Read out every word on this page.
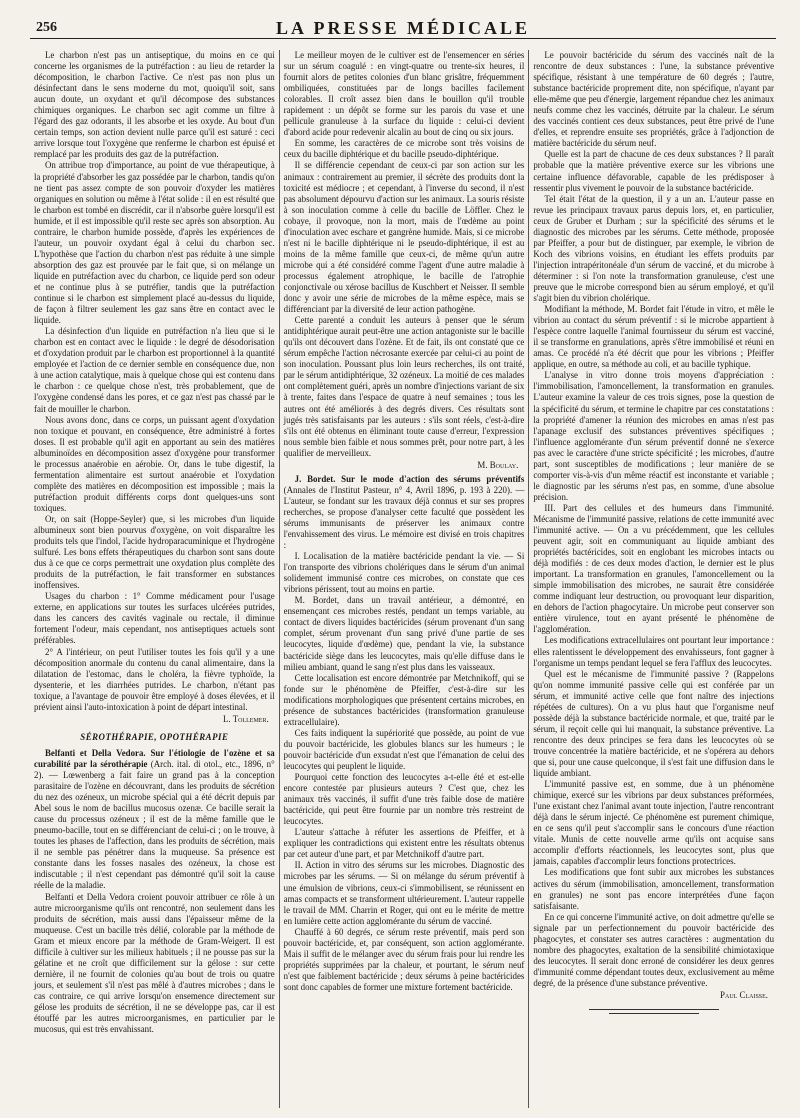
256	LA PRESSE MÉDICALE

Le charbon n'est pas un antiseptique, du moins en ce qui concerne les organismes de la putréfaction : au lieu de retarder la décomposition, le charbon l'active. Ce n'est pas non plus un désinfectant dans le sens moderne du mot, quoiqu'il soit, sans aucun doute, un oxydant et qu'il décompose des substances chimiques organiques. Le charbon sec agit comme un filtre à l'égard des gaz odorants, il les absorbe et les oxyde. Au bout d'un certain temps, son action devient nulle parce qu'il est saturé : ceci arrive lorsque tout l'oxygène que renferme le charbon est épuisé et remplacé par les produits des gaz de la putréfaction.

On attribue trop d'importance, au point de vue thérapeutique, à la propriété d'absorber les gaz possédée par le charbon, tandis qu'on ne tient pas assez compte de son pouvoir d'oxyder les matières organiques en solution ou même à l'état solide : il en est résulté que le charbon est tombé en discrédit, car il n'absorbe guère lorsqu'il est humide, et il est impossible qu'il reste sec après son absorption. Au contraire, le charbon humide possède, d'après les expériences de l'auteur, un pouvoir oxydant égal à celui du charbon sec. L'hypothèse que l'action du charbon n'est pas réduite à une simple absorption des gaz est prouvée par le fait que, si on mélange un liquide en putréfaction avec du charbon, ce liquide perd son odeur et ne continue plus à se putréfier, tandis que la putréfaction continue si le charbon est simplement placé au-dessus du liquide, de façon à filtrer seulement les gaz sans être en contact avec le liquide.

La désinfection d'un liquide en putréfaction n'a lieu que si le charbon est en contact avec le liquide : le degré de désodorisation et d'oxydation produit par le charbon est proportionnel à la quantité employée et l'action de ce dernier semble en conséquence due, non à une action catalytique, mais à quelque chose qui est contenu dans le charbon : ce quelque chose n'est, très probablement, que de l'oxygène condensé dans les pores, et ce gaz n'est pas chassé par le fait de mouiller le charbon.

Nous avons donc, dans ce corps, un puissant agent d'oxydation non toxique et pouvant, en conséquence, être administré à fortes doses. Il est probable qu'il agit en apportant au sein des matières albuminoïdes en décomposition assez d'oxygène pour transformer le processus anaérobie en aérobie. Or, dans le tube digestif, la fermentation alimentaire est surtout anaérobie et l'oxydation complète des matières en décomposition est impossible ; mais la putréfaction produit différents corps dont quelques-uns sont toxiques.

Or, on sait (Hoppe-Seyler) que, si les microbes d'un liquide albumineux sont bien pourvus d'oxygène, on voit disparaître les produits tels que l'indol, l'acide hydroparacuminique et l'hydrogène sulfuré. Les bons effets thérapeutiques du charbon sont sans doute dus à ce que ce corps permettrait une oxydation plus complète des produits de la putréfaction, le fait transformer en substances inoffensives.

Usages du charbon : 1° Comme médicament pour l'usage externe, en applications sur toutes les surfaces ulcérées putrides, dans les cancers des cavités vaginale ou rectale, il diminue fortement l'odeur, mais cependant, nos antiseptiques actuels sont préférables.

2° A l'intérieur, on peut l'utiliser toutes les fois qu'il y a une décomposition anormale du contenu du canal alimentaire, dans la dilatation de l'estomac, dans le choléra, la fièvre typhoïde, la dysenterie, et les diarrhées putrides. Le charbon, n'étant pas toxique, a l'avantage de pouvoir être employé à doses élevées, et il prévient ainsi l'auto-intoxication à point de départ intestinal.

L. Tollemer.
SÉROTHÉRAPIE, OPOTHÉRAPIE

Belfanti et Della Vedora. Sur l'étiologie de l'ozène et sa curabilité par la sérothérapie (Arch. ital. di otol., etc., 1896, n° 2). — Lœwenberg a fait faire un grand pas à la conception parasitaire de l'ozène en découvrant, dans les produits de sécrétion du nez des ozéneux, un microbe spécial qui a été décrit depuis par Abel sous le nom de bacillus mucosus ozenæ. Ce bacille serait la cause du processus ozéneux ; il est de la même famille que le pneumo-bacille, tout en se différenciant de celui-ci ; on le trouve, à toutes les phases de l'affection, dans les produits de sécrétion, mais il ne semble pas pénétrer dans la muqueuse. Sa présence est constante dans les fosses nasales des ozéneux, la chose est indiscutable ; il n'est cependant pas démontré qu'il soit la cause réelle de la maladie.

Belfanti et Della Vedora croient pouvoir attribuer ce rôle à un autre microorganisme qu'ils ont rencontré, non seulement dans les produits de sécrétion, mais aussi dans l'épaisseur même de la muqueuse. C'est un bacille très délié, colorable par la méthode de Gram et mieux encore par la méthode de Gram-Weigert. Il est difficile à cultiver sur les milieux habituels ; il ne pousse pas sur la gélatine et ne croît que difficilement sur la gélose : sur cette dernière, il ne fournit de colonies qu'au bout de trois ou quatre jours, et seulement s'il n'est pas mêlé à d'autres microbes ; dans le cas contraire, ce qui arrive lorsqu'on ensemence directement sur gélose les produits de sécrétion, il ne se développe pas, car il est étouffé par les autres microorganismes, en particulier par le mucosus, qui est très envahissant.

Le meilleur moyen de le cultiver est de l'ensemencer en séries sur un sérum coagulé : en vingt-quatre ou trente-six heures, il fournit alors de petites colonies d'un blanc grisâtre, fréquemment ombiliquées, constituées par de longs bacilles facilement colorables. Il croît assez bien dans le bouillon qu'il trouble rapidement : un dépôt se forme sur les parois du vase et une pellicule granuleuse à la surface du liquide : celui-ci devient d'abord acide pour redevenir alcalin au bout de cinq ou six jours.

En somme, les caractères de ce microbe sont très voisins de ceux du bacille diphtérique et du bacille pseudo-diphtérique.

Il se différencie cependant de ceux-ci par son action sur les animaux : contrairement au premier, il sécrète des produits dont la toxicité est médiocre ; et cependant, à l'inverse du second, il n'est pas absolument dépourvu d'action sur les animaux. La souris résiste à son inoculation comme à celle du bacille de Löffler. Chez le cobaye, il provoque, non la mort, mais de l'œdème au point d'inoculation avec eschare et gangrène humide. Mais, si ce microbe n'est ni le bacille diphtérique ni le pseudo-diphtérique, il est au moins de la même famille que ceux-ci, de même qu'un autre microbe qui a été considéré comme l'agent d'une autre maladie à processus également atrophique, le bacille de l'atrophie conjonctivale ou xérose bacillus de Kuschbert et Neisser. Il semble donc y avoir une série de microbes de la même espèce, mais se différenciant par la diversité de leur action pathogène.

Cette parenté a conduit les auteurs à penser que le sérum antidiphtérique aurait peut-être une action antagoniste sur le bacille qu'ils ont découvert dans l'ozène. Et de fait, ils ont constaté que ce sérum empêche l'action nécrosante exercée par celui-ci au point de son inoculation. Poussant plus loin leurs recherches, ils ont traité, par le sérum antidiphtérique, 32 ozéneux. La moitié de ces malades ont complètement guéri, après un nombre d'injections variant de six à trente, faites dans l'espace de quatre à neuf semaines ; tous les autres ont été améliorés à des degrés divers. Ces résultats sont jugés très satisfaisants par les auteurs : s'ils sont réels, c'est-à-dire s'ils ont été obtenus en éliminant toute cause d'erreur, l'expression nous semble bien faible et nous sommes prêt, pour notre part, à les qualifier de merveilleux.

M. Boulay.

J. Bordet. Sur le mode d'action des sérums préventifs (Annales de l'Institut Pasteur, n° 4, Avril 1896, p. 193 à 220). — L'auteur, se fondant sur les travaux déjà connus et sur ses propres recherches, se propose d'analyser cette faculté que possèdent les sérums immunisants de préserver les animaux contre l'envahissement des virus. Le mémoire est divisé en trois chapitres :

I. Localisation de la matière bactéricide pendant la vie. — Si l'on transporte des vibrions cholériques dans le sérum d'un animal solidement immunisé contre ces microbes, on constate que ces vibrions périssent, tout au moins en partie.

M. Bordet, dans un travail antérieur, a démontré, en ensemençant ces microbes restés, pendant un temps variable, au contact de divers liquides bactéricides (sérum provenant d'un sang complet, sérum provenant d'un sang privé d'une partie de ses leucocytes, liquide d'œdème) que, pendant la vie, la substance bactéricide siège dans les leucocytes, mais qu'elle diffuse dans le milieu ambiant, quand le sang n'est plus dans les vaisseaux.

Cette localisation est encore démontrée par Metchnikoff, qui se fonde sur le phénomène de Pfeiffer, c'est-à-dire sur les modifications morphologiques que présentent certains microbes, en présence de substances bactéricides (transformation granuleuse extracellulaire).

Ces faits indiquent la supériorité que possède, au point de vue du pouvoir bactéricide, les globules blancs sur les humeurs ; le pouvoir bactéricide d'un exsudat n'est que l'émanation de celui des leucocytes qui peuplent le liquide.

Pourquoi cette fonction des leucocytes a-t-elle été et est-elle encore contestée par plusieurs auteurs ? C'est que, chez les animaux très vaccinés, il suffit d'une très faible dose de matière bactéricide, qui peut être fournie par un nombre très restreint de leucocytes.

L'auteur s'attache à réfuter les assertions de Pfeiffer, et à expliquer les contradictions qui existent entre les résultats obtenus par cet auteur d'une part, et par Metchnikoff d'autre part.

II. Action in vitro des sérums sur les microbes. Diagnostic des microbes par les sérums. — Si on mélange du sérum préventif à une émulsion de vibrions, ceux-ci s'immobilisent, se réunissent en amas compacts et se transforment ultérieurement. L'auteur rappelle le travail de MM. Charrin et Roger, qui ont eu le mérite de mettre en lumière cette action agglomérante du sérum de vacciné.

Chauffé à 60 degrés, ce sérum reste préventif, mais perd son pouvoir bactéricide, et, par conséquent, son action agglomérante. Mais il suffit de le mélanger avec du sérum frais pour lui rendre les propriétés supprimées par la chaleur, et pourtant, le sérum neuf n'est que faiblement bactéricide ; deux sérums à peine bactéricides sont donc capables de former une mixture fortement bactéricide.

Le pouvoir bactéricide du sérum des vaccinés naît de la rencontre de deux substances : l'une, la substance préventive spécifique, résistant à une température de 60 degrés ; l'autre, substance bactéricide proprement dite, non spécifique, n'ayant par elle-même que peu d'énergie, largement répandue chez les animaux neufs comme chez les vaccinés, détruite par la chaleur. Le sérum des vaccinés contient ces deux substances, peut être privé de l'une d'elles, et reprendre ensuite ses propriétés, grâce à l'adjonction de matière bactéricide du sérum neuf.

Quelle est la part de chacune de ces deux substances ? Il paraît probable que la matière préventive exerce sur les vibrions une certaine influence défavorable, capable de les prédisposer à ressentir plus vivement le pouvoir de la substance bactéricide.

Tel était l'état de la question, il y a un an. L'auteur passe en revue les principaux travaux parus depuis lors, et, en particulier, ceux de Gruber et Durham ; sur la spécificité des sérums et le diagnostic des microbes par les sérums. Cette méthode, proposée par Pfeiffer, a pour but de distinguer, par exemple, le vibrion de Koch des vibrions voisins, en étudiant les effets produits par l'injection intrapéritonéale d'un sérum de vacciné, et du microbe à déterminer : si l'on note la transformation granuleuse, c'est une preuve que le microbe correspond bien au sérum employé, et qu'il s'agit bien du vibrion cholérique.

Modifiant la méthode, M. Bordet fait l'étude in vitro, et mêle le vibrion au contact du sérum préventif : si le microbe appartient à l'espèce contre laquelle l'animal fournisseur du sérum est vacciné, il se transforme en granulations, après s'être immobilisé et réuni en amas. Ce procédé n'a été décrit que pour les vibrions ; Pfeiffer applique, en outre, sa méthode au coli, et au bacille typhique.

L'analyse in vitro donne trois moyens d'appréciation : l'immobilisation, l'amoncellement, la transformation en granules. L'auteur examine la valeur de ces trois signes, pose la question de la spécificité du sérum, et termine le chapitre par ces constatations : la propriété d'amener la réunion des microbes en amas n'est pas l'apanage exclusif des substances préventives spécifiques ; l'influence agglomérante d'un sérum préventif donné ne s'exerce pas avec le caractère d'une stricte spécificité ; les microbes, d'autre part, sont susceptibles de modifications ; leur manière de se comporter vis-à-vis d'un même réactif est inconstante et variable ; le diagnostic par les sérums n'est pas, en somme, d'une absolue précision.

III. Part des cellules et des humeurs dans l'immunité. Mécanisme de l'immunité passive, relations de cette immunité avec l'immunité active. — On a vu précédemment, que les cellules peuvent agir, soit en communiquant au liquide ambiant des propriétés bactéricides, soit en englobant les microbes intacts ou déjà modifiés : de ces deux modes d'action, le dernier est le plus important. La transformation en granules, l'amoncellement ou la simple immobilisation des microbes, ne saurait être considérée comme indiquant leur destruction, ou provoquant leur disparition, en dehors de l'action phagocytaire. Un microbe peut conserver son entière virulence, tout en ayant présenté le phénomène de l'agglomération.

Les modifications extracellulaires ont pourtant leur importance : elles ralentissent le développement des envahisseurs, font gagner à l'organisme un temps pendant lequel se fera l'afflux des leucocytes.

Quel est le mécanisme de l'immunité passive ? (Rappelons qu'on nomme immunité passive celle qui est conférée par un sérum, et immunité active celle que font naître des injections répétées de cultures). On a vu plus haut que l'organisme neuf possède déjà la substance bactéricide normale, et que, traité par le sérum, il reçoit celle qui lui manquait, la substance préventive. La rencontre des deux principes se fera dans les leucocytes où se trouve concentrée la matière bactéricide, et ne s'opérera au dehors que si, pour une cause quelconque, il s'est fait une diffusion dans le liquide ambiant.

L'immunité passive est, en somme, due à un phénomène chimique, exercé sur les vibrions par deux substances préformées, l'une existant chez l'animal avant toute injection, l'autre rencontrant déjà dans le sérum injecté. Ce phénomène est purement chimique, en ce sens qu'il peut s'accomplir sans le concours d'une réaction vitale. Munis de cette nouvelle arme qu'ils ont acquise sans accomplir d'efforts réactionnels, les leucocytes sont, plus que jamais, capables d'accomplir leurs fonctions protectrices.

Les modifications que font subir aux microbes les substances actives du sérum (immobilisation, amoncellement, transformation en granules) ne sont pas encore interprétées d'une façon satisfaisante.

En ce qui concerne l'immunité active, on doit admettre qu'elle se signale par un perfectionnement du pouvoir bactéricide des phagocytes, et constater ses autres caractères : augmentation du nombre des phagocytes, exaltation de la sensibilité chimiotaxique des leucocytes. Il serait donc erroné de considérer les deux genres d'immunité comme dépendant toutes deux, exclusivement au même degré, de la présence d'une substance préventive.

Paul Claisse.
